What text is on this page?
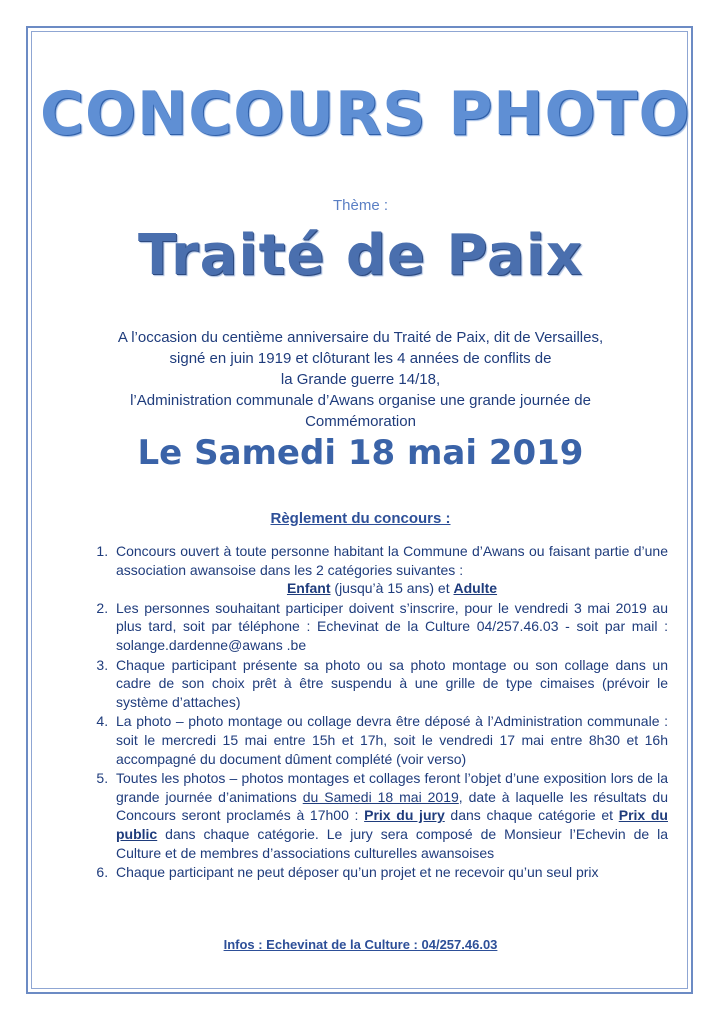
CONCOURS PHOTO
Thème :
Traité de Paix
A l’occasion du centième anniversaire du Traité de Paix, dit de Versailles,
signé en juin 1919 et clôturant les 4 années de conflits de
la Grande guerre 14/18,
l’Administration communale d’Awans organise une grande journée de
Commémoration
Le Samedi 18 mai 2019
Règlement du concours :
1. Concours ouvert à toute personne habitant la Commune d’Awans ou faisant partie d’une association awansoise dans les 2 catégories suivantes :
Enfant (jusqu’à 15 ans) et Adulte
2. Les personnes souhaitant participer doivent s’inscrire, pour le vendredi 3 mai 2019 au plus tard, soit par téléphone : Echevinat de la Culture 04/257.46.03 - soit par mail : solange.dardenne@awans .be
3. Chaque participant présente sa photo ou sa photo montage ou son collage dans un cadre de son choix prêt à être suspendu à une grille de type cimaises (prévoir le système d’attaches)
4. La photo – photo montage ou collage devra être déposé à l’Administration communale : soit le mercredi 15 mai entre 15h et 17h, soit le vendredi 17 mai entre 8h30 et 16h accompagné du document dûment complété (voir verso)
5. Toutes les photos – photos montages et collages feront l’objet d’une exposition lors de la grande journée d’animations du Samedi 18 mai 2019, date à laquelle les résultats du Concours seront proclamés à 17h00 : Prix du jury dans chaque catégorie et Prix du public dans chaque catégorie. Le jury sera composé de Monsieur l’Echevin de la Culture et de membres d’associations culturelles awansoises
6. Chaque participant ne peut déposer qu’un projet et ne recevoir qu’un seul prix
Infos : Echevinat de la Culture : 04/257.46.03
